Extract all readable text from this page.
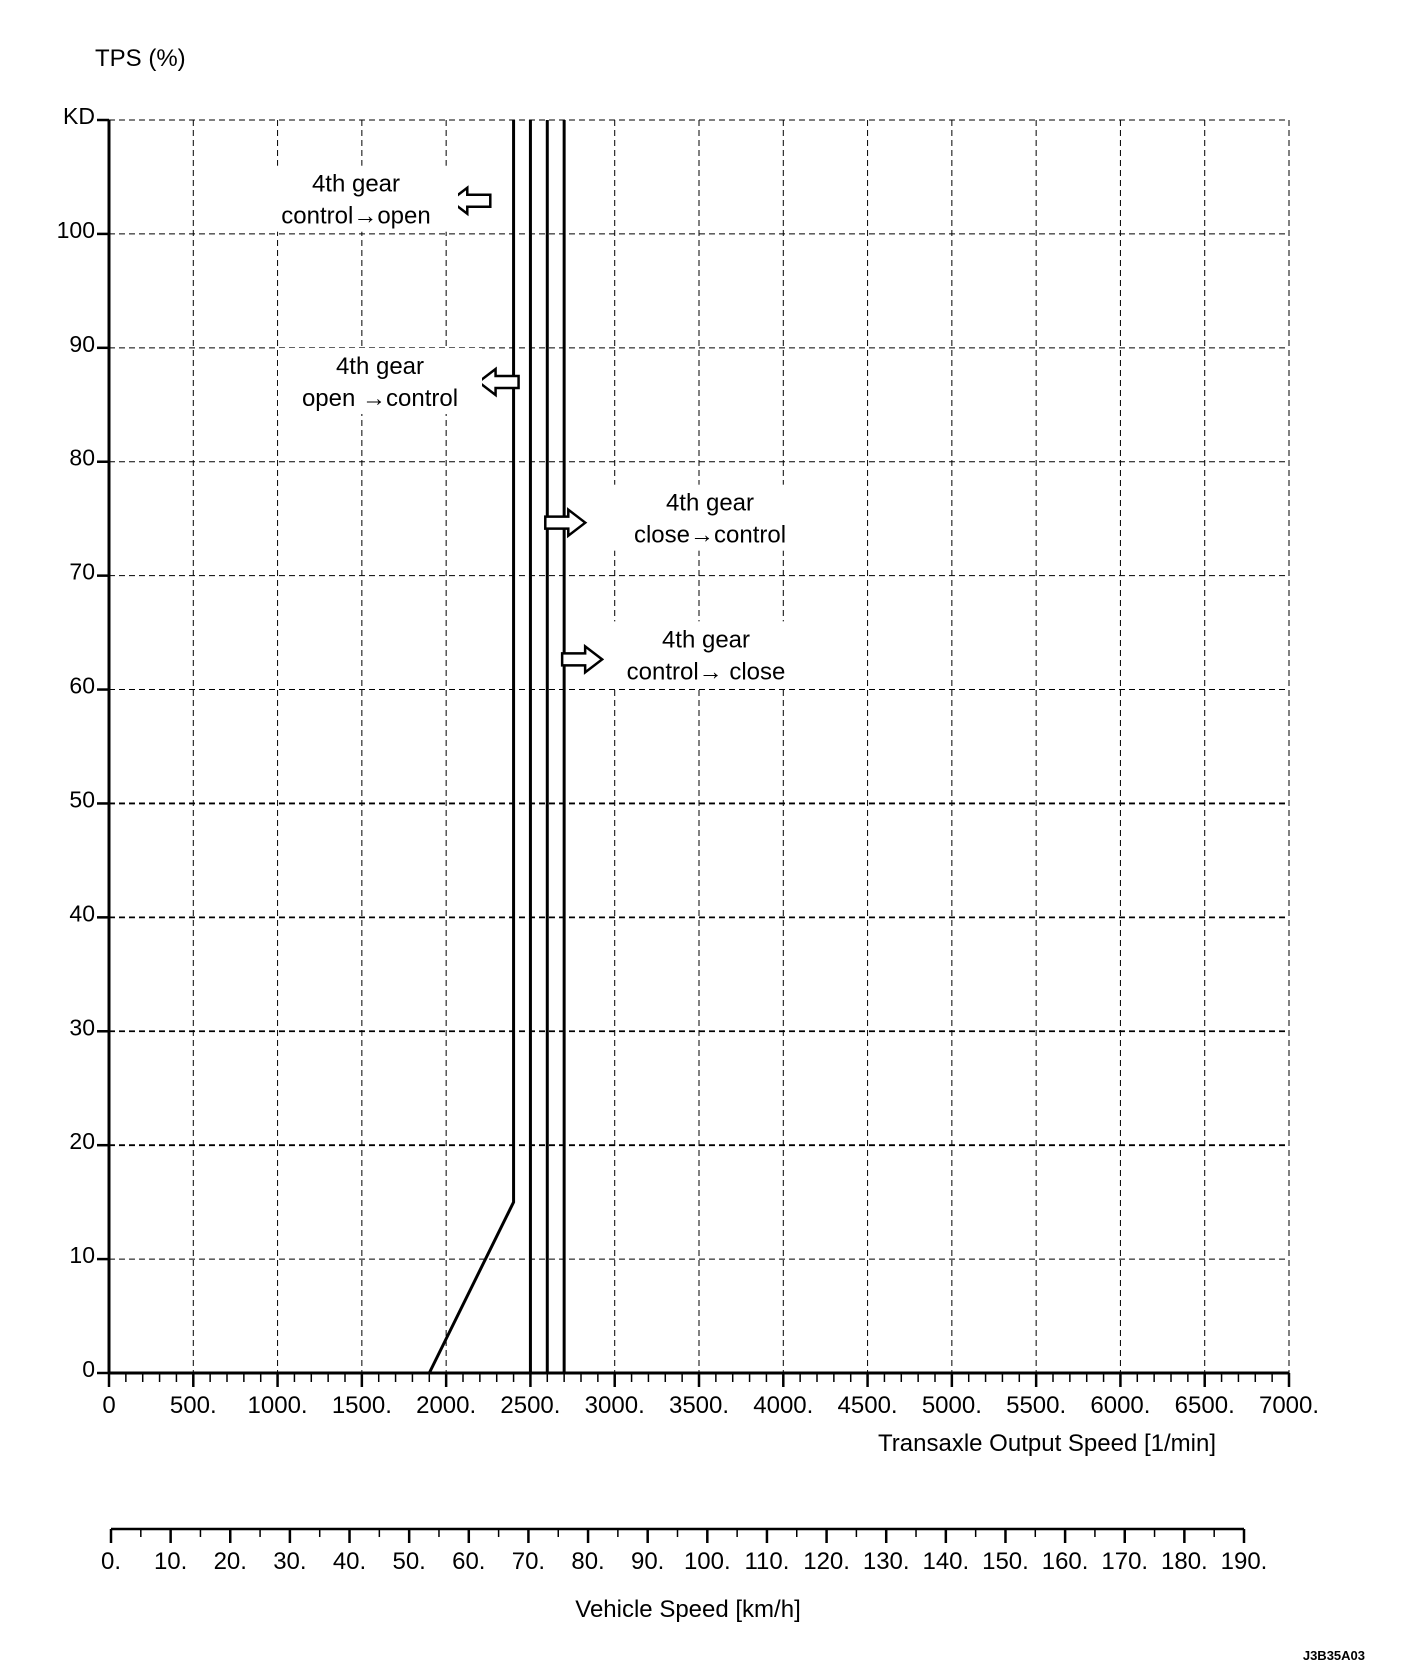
0
10
20
30
40
50
60
70
80
90
100
KD
0 500. 1000. 1500. 2000. 2500. 3000. 3500. 4000. 4500. 5000. 5500. 6000. 6500. 7000.
0. 10. 20. 30. 40. 50. 60. 70. 80. 90. 100. 110. 120. 130. 140. 150. 160. 170. 180. 190.
4th gear
control→open
4th gear
open →control
4th gear
close→control
4th gear
control→ close
TPS (%)
Transaxle Output Speed [1/min]
Vehicle Speed [km/h]
J3B35A03
